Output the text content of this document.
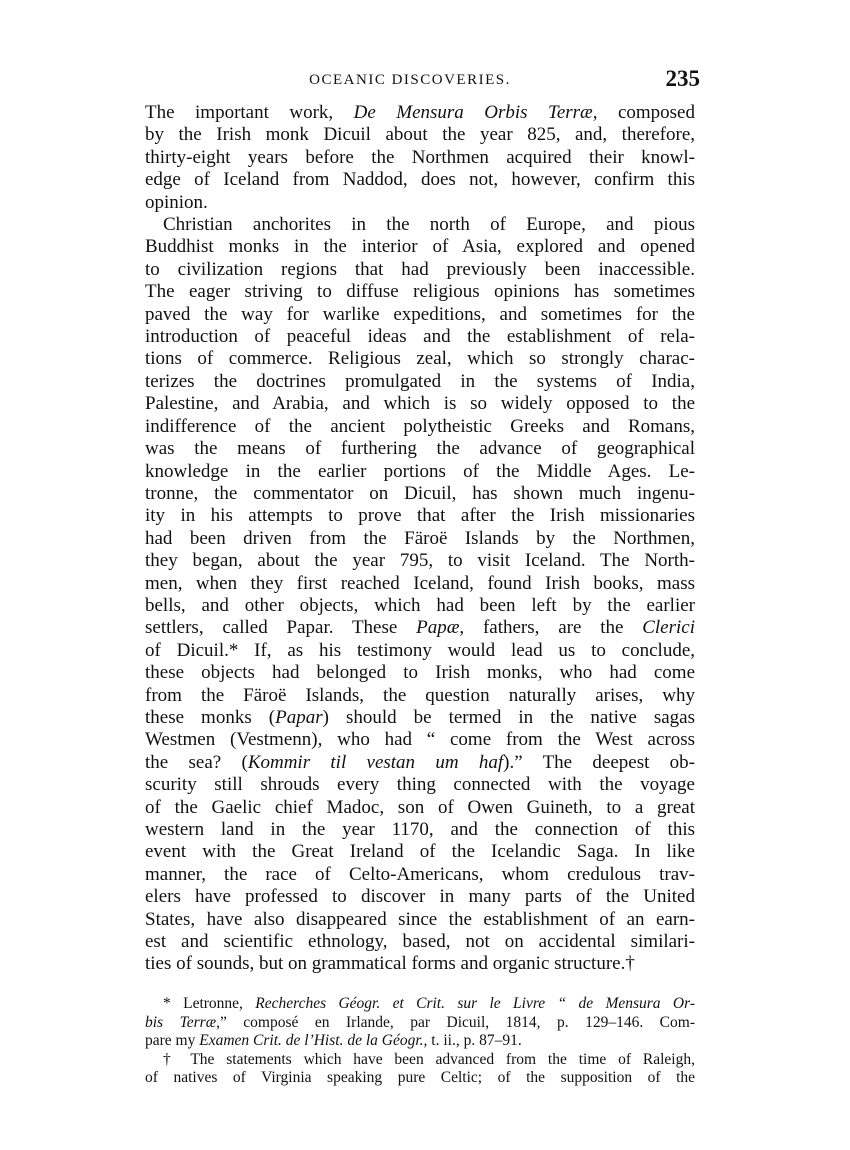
OCEANIC DISCOVERIES.	235
The important work, De Mensura Orbis Terræ, composed
by the Irish monk Dicuil about the year 825, and, therefore,
thirty-eight years before the Northmen acquired their knowl-
edge of Iceland from Naddod, does not, however, confirm this
opinion.
Christian anchorites in the north of Europe, and pious
Buddhist monks in the interior of Asia, explored and opened
to civilization regions that had previously been inaccessible.
The eager striving to diffuse religious opinions has sometimes
paved the way for warlike expeditions, and sometimes for the
introduction of peaceful ideas and the establishment of rela-
tions of commerce. Religious zeal, which so strongly charac-
terizes the doctrines promulgated in the systems of India,
Palestine, and Arabia, and which is so widely opposed to the
indifference of the ancient polytheistic Greeks and Romans,
was the means of furthering the advance of geographical
knowledge in the earlier portions of the Middle Ages. Le-
tronne, the commentator on Dicuil, has shown much ingenu-
ity in his attempts to prove that after the Irish missionaries
had been driven from the Färoë Islands by the Northmen,
they began, about the year 795, to visit Iceland. The North-
men, when they first reached Iceland, found Irish books, mass
bells, and other objects, which had been left by the earlier
settlers, called Papar. These Papæ, fathers, are the Clerici
of Dicuil.* If, as his testimony would lead us to conclude,
these objects had belonged to Irish monks, who had come
from the Färoë Islands, the question naturally arises, why
these monks (Papar) should be termed in the native sagas
Westmen (Vestmenn), who had “ come from the West across
the sea? (Kommir til vestan um haf).” The deepest ob-
scurity still shrouds every thing connected with the voyage
of the Gaelic chief Madoc, son of Owen Guineth, to a great
western land in the year 1170, and the connection of this
event with the Great Ireland of the Icelandic Saga. In like
manner, the race of Celto-Americans, whom credulous trav-
elers have professed to discover in many parts of the United
States, have also disappeared since the establishment of an earn-
est and scientific ethnology, based, not on accidental similari-
ties of sounds, but on grammatical forms and organic structure.†
* Letronne, Recherches Géogr. et Crit. sur le Livre “ de Mensura Or-
bis Terræ,” composé en Irlande, par Dicuil, 1814, p. 129–146. Com-
pare my Examen Crit. de l’Hist. de la Géogr., t. ii., p. 87–91.
† The statements which have been advanced from the time of Raleigh,
of natives of Virginia speaking pure Celtic; of the supposition of the
